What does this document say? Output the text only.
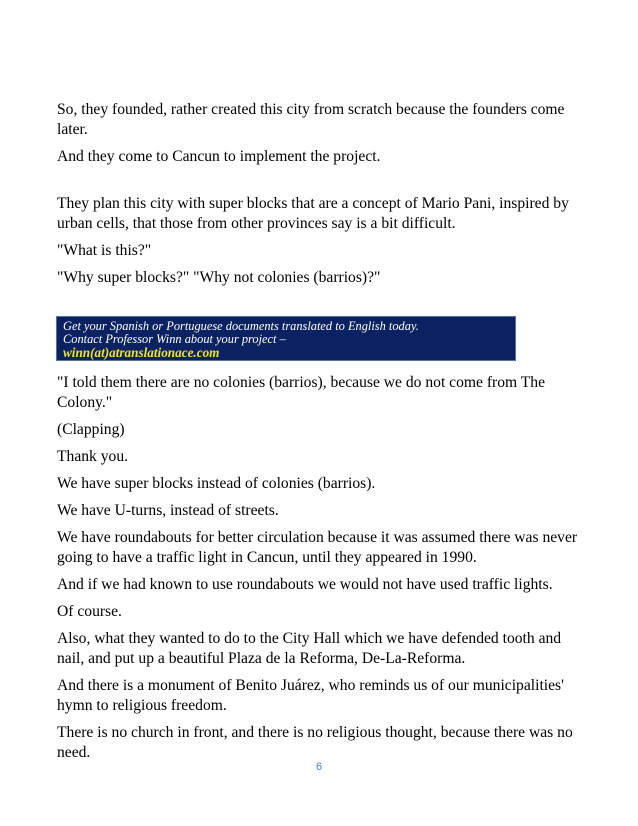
So, they founded, rather created this city from scratch because the founders come later.

And they come to Cancun to implement the project.

They plan this city with super blocks that are a concept of Mario Pani, inspired by urban cells, that those from other provinces say is a bit difficult.

"What is this?"

"Why super blocks?" "Why not colonies (barrios)?"

Get your Spanish or Portuguese documents translated to English today.
Contact Professor Winn about your project –
winn(at)atranslationace.com

"I told them there are no colonies (barrios), because we do not come from The Colony."

(Clapping)

Thank you.

We have super blocks instead of colonies (barrios).

We have U-turns, instead of streets.

We have roundabouts for better circulation because it was assumed there was never going to have a traffic light in Cancun, until they appeared in 1990.

And if we had known to use roundabouts we would not have used traffic lights.

Of course.

Also, what they wanted to do to the City Hall which we have defended tooth and nail, and put up a beautiful Plaza de la Reforma, De-La-Reforma.

And there is a monument of Benito Juárez, who reminds us of our municipalities' hymn to religious freedom.

There is no church in front, and there is no religious thought, because there was no need.

6
